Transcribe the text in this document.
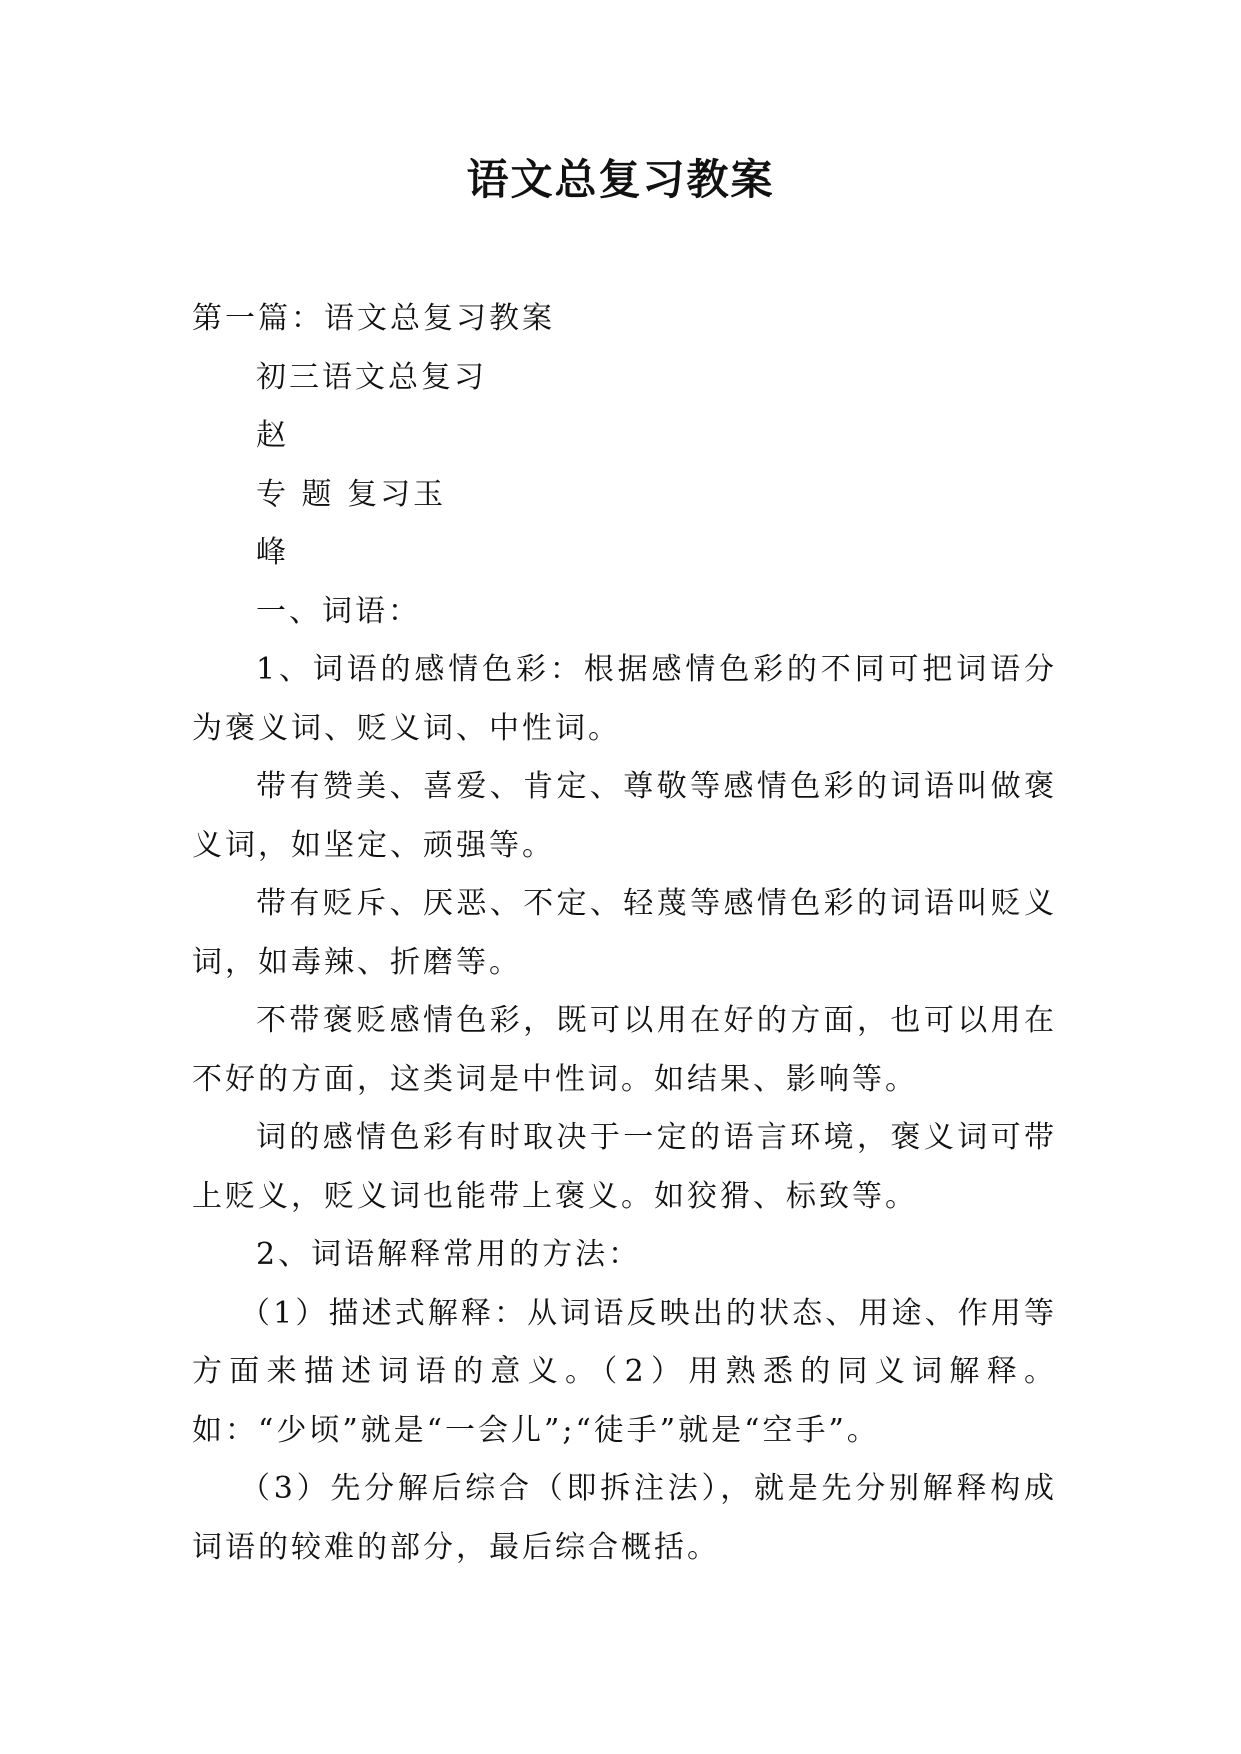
语文总复习教案

第一篇：语文总复习教案

初三语文总复习

赵

专 题 复习玉

峰

一、词语：

1、词语的感情色彩：根据感情色彩的不同可把词语分为褒义词、贬义词、中性词。

带有赞美、喜爱、肯定、尊敬等感情色彩的词语叫做褒义词，如坚定、顽强等。

带有贬斥、厌恶、不定、轻蔑等感情色彩的词语叫贬义词，如毒辣、折磨等。

不带褒贬感情色彩，既可以用在好的方面，也可以用在不好的方面，这类词是中性词。如结果、影响等。

词的感情色彩有时取决于一定的语言环境，褒义词可带上贬义，贬义词也能带上褒义。如狡猾、标致等。

2、词语解释常用的方法：

（1）描述式解释：从词语反映出的状态、用途、作用等方面来描述词语的意义。（2）用熟悉的同义词解释。如：“少顷”就是“一会儿”;“徒手”就是“空手”。

（3）先分解后综合（即拆注法），就是先分别解释构成词语的较难的部分，最后综合概括。
